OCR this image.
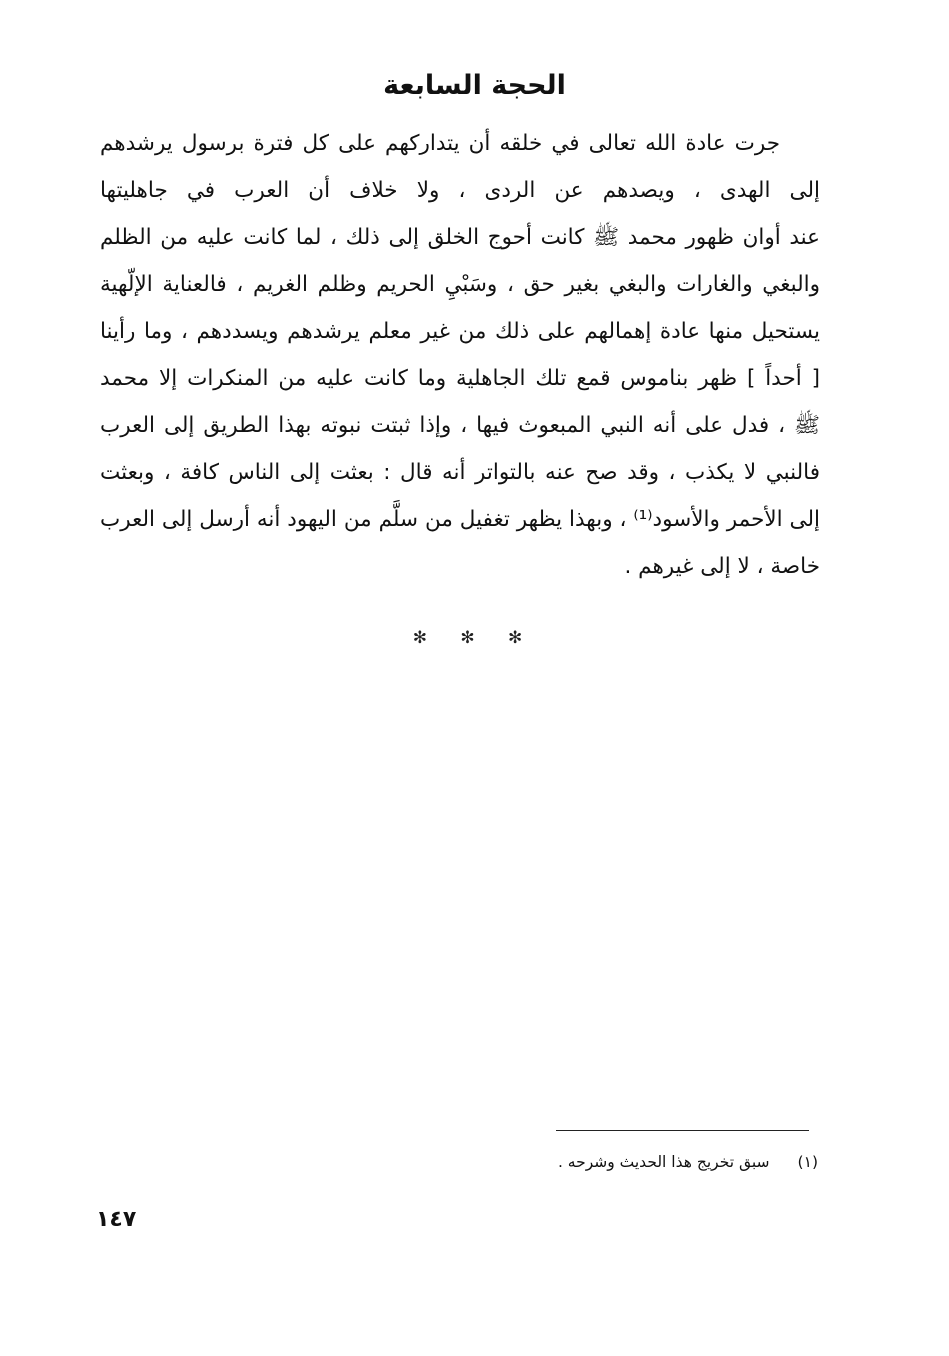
الحجة السابعة
جرت عادة الله تعالى في خلقه أن يتداركهم على كل فترة برسول يرشدهم
إلى الهدى ، ويصدهم عن الردى ، ولا خلاف أن العرب في جاهليتها
عند أوان ظهور محمد ﷺ كانت أحوج الخلق إلى ذلك ، لما كانت عليه من الظلم
والبغي والغارات والبغي بغير حق ، وسَبْيِ الحريم وظلم الغريم ، فالعناية الإلّهية
يستحيل منها عادة إهمالهم على ذلك من غير معلم يرشدهم ويسددهم ، وما رأينا
[ أحداً ] ظهر بناموس قمع تلك الجاهلية وما كانت عليه من المنكرات إلا محمد
ﷺ ، فدل على أنه النبي المبعوث فيها ، وإذا ثبتت نبوته بهذا الطريق إلى العرب
فالنبي لا يكذب ، وقد صح عنه بالتواتر أنه قال : بعثت إلى الناس كافة ، وبعثت
إلى الأحمر والأسود⁽¹⁾ ، وبهذا يظهر تغفيل من سلَّم من اليهود أنه أرسل إلى العرب
خاصة ، لا إلى غيرهم .
✻ ✻ ✻
(١)سبق تخريج هذا الحديث وشرحه .
١٤٧
